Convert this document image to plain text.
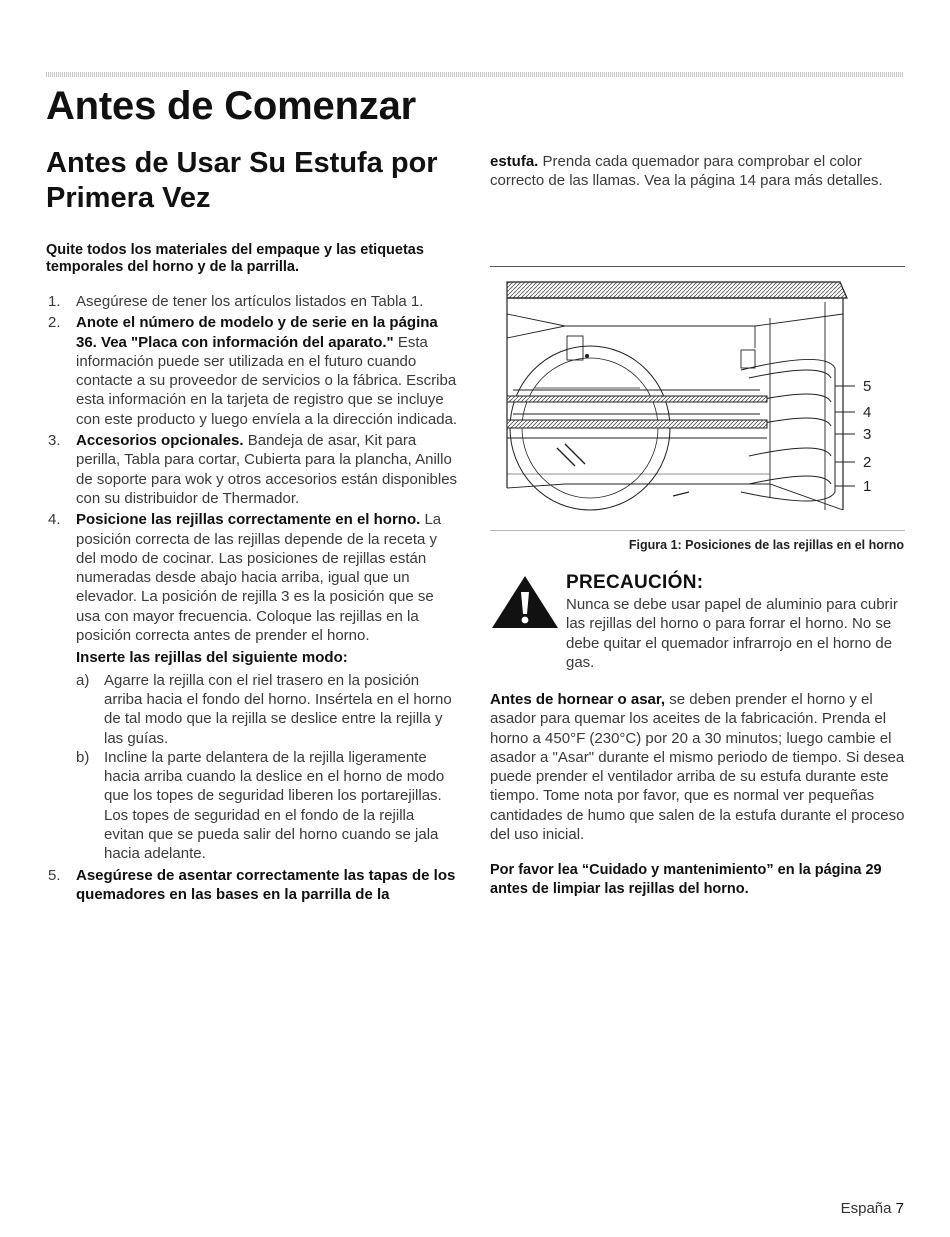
Antes de Comenzar
Antes de Usar Su Estufa por Primera Vez

Quite todos los materiales del empaque y las etiquetas temporales del horno y de la parrilla.

1. Asegúrese de tener los artículos listados en Tabla 1.
2. Anote el número de modelo y de serie en la página 36. Vea "Placa con información del aparato." Esta información puede ser utilizada en el futuro cuando contacte a su proveedor de servicios o la fábrica. Escriba esta información en la tarjeta de registro que se incluye con este producto y luego envíela a la dirección indicada.
3. Accesorios opcionales. Bandeja de asar, Kit para perilla, Tabla para cortar, Cubierta para la plancha, Anillo de soporte para wok y otros accesorios están disponibles con su distribuidor de Thermador.
4. Posicione las rejillas correctamente en el horno. La posición correcta de las rejillas depende de la receta y del modo de cocinar. Las posiciones de rejillas están numeradas desde abajo hacia arriba, igual que un elevador. La posición de rejilla 3 es la posición que se usa con mayor frecuencia. Coloque las rejillas en la posición correcta antes de prender el horno.
Inserte las rejillas del siguiente modo:
a) Agarre la rejilla con el riel trasero en la posición arriba hacia el fondo del horno. Insértela en el horno de tal modo que la rejilla se deslice entre la rejilla y las guías.
b) Incline la parte delantera de la rejilla ligeramente hacia arriba cuando la deslice en el horno de modo que los topes de seguridad liberen los portarejillas. Los topes de seguridad en el fondo de la rejilla evitan que se pueda salir del horno cuando se jala hacia adelante.
5. Asegúrese de asentar correctamente las tapas de los quemadores en las bases en la parrilla de la

estufa. Prenda cada quemador para comprobar el color correcto de las llamas. Vea la página 14 para más detalles.

5
4
3
2
1
Figura 1: Posiciones de las rejillas en el horno
PRECAUCIÓN:

Nunca se debe usar papel de aluminio para cubrir las rejillas del horno o para forrar el horno. No se debe quitar el quemador infrarrojo en el horno de gas.

Antes de hornear o asar, se deben prender el horno y el asador para quemar los aceites de la fabricación. Prenda el horno a 450°F (230°C) por 20 a 30 minutos; luego cambie el asador a "Asar" durante el mismo periodo de tiempo. Si desea puede prender el ventilador arriba de su estufa durante este tiempo. Tome nota por favor, que es normal ver pequeñas cantidades de humo que salen de la estufa durante el proceso del uso inicial.

Por favor lea “Cuidado y mantenimiento” en la página 29 antes de limpiar las rejillas del horno.

España 7
